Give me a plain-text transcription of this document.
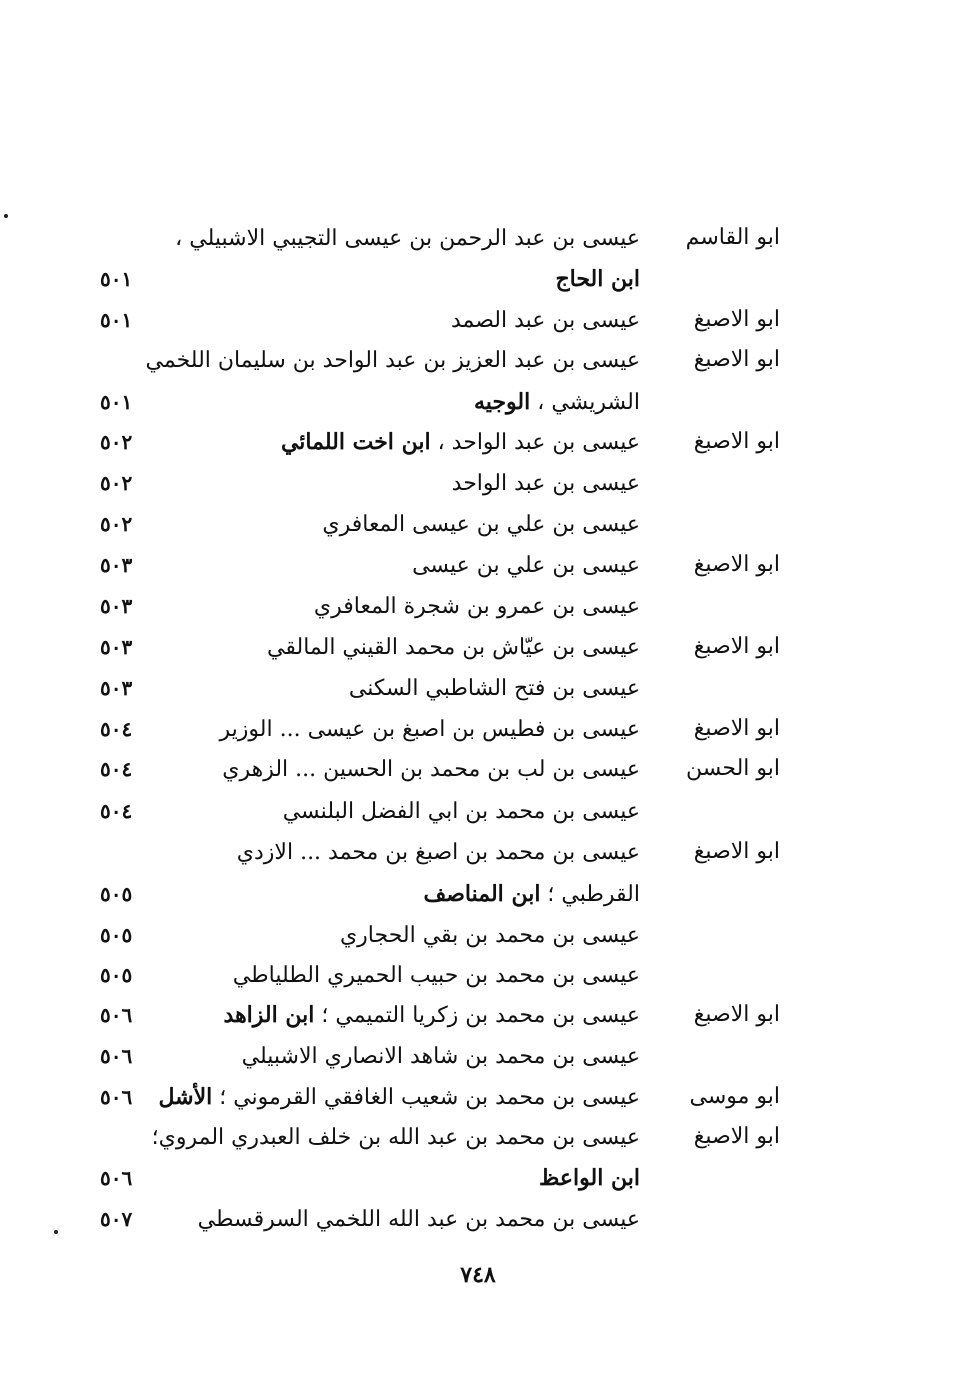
ابو القاسم
عيسى بن عبد الرحمن بن عيسى التجيبي الاشبيلي ،
ابن الحاج
٥٠١
ابو الاصبغ
عيسى بن عبد الصمد
٥٠١
ابو الاصبغ
عيسى بن عبد العزيز بن عبد الواحد بن سليمان اللخمي
الشريشي ، الوجيه
٥٠١
ابو الاصبغ
عيسى بن عبد الواحد ، ابن اخت اللمائي
٥٠٢
عيسى بن عبد الواحد
٥٠٢
عيسى بن علي بن عيسى المعافري
٥٠٢
ابو الاصبغ
عيسى بن علي بن عيسى
٥٠٣
عيسى بن عمرو بن شجرة المعافري
٥٠٣
ابو الاصبغ
عيسى بن عيّاش بن محمد القيني المالقي
٥٠٣
عيسى بن فتح الشاطبي السكنى
٥٠٣
ابو الاصبغ
عيسى بن فطيس بن اصبغ بن عيسى ... الوزير
٥٠٤
ابو الحسن
عيسى بن لب بن محمد بن الحسين ... الزهري
٥٠٤
عيسى بن محمد بن ابي الفضل البلنسي
٥٠٤
ابو الاصبغ
عيسى بن محمد بن اصبغ بن محمد ... الازدي
القرطبي ؛ ابن المناصف
٥٠٥
عيسى بن محمد بن بقي الحجاري
٥٠٥
عيسى بن محمد بن حبيب الحميري الطلياطي
٥٠٥
ابو الاصبغ
عيسى بن محمد بن زكريا التميمي ؛ ابن الزاهد
٥٠٦
عيسى بن محمد بن شاهد الانصاري الاشبيلي
٥٠٦
ابو موسى
عيسى بن محمد بن شعيب الغافقي القرموني ؛ الأشل
٥٠٦
ابو الاصبغ
عيسى بن محمد بن عبد الله بن خلف العبدري المروي؛
ابن الواعظ
٥٠٦
عيسى بن محمد بن عبد الله اللخمي السرقسطي
٥٠٧
٧٤٨
